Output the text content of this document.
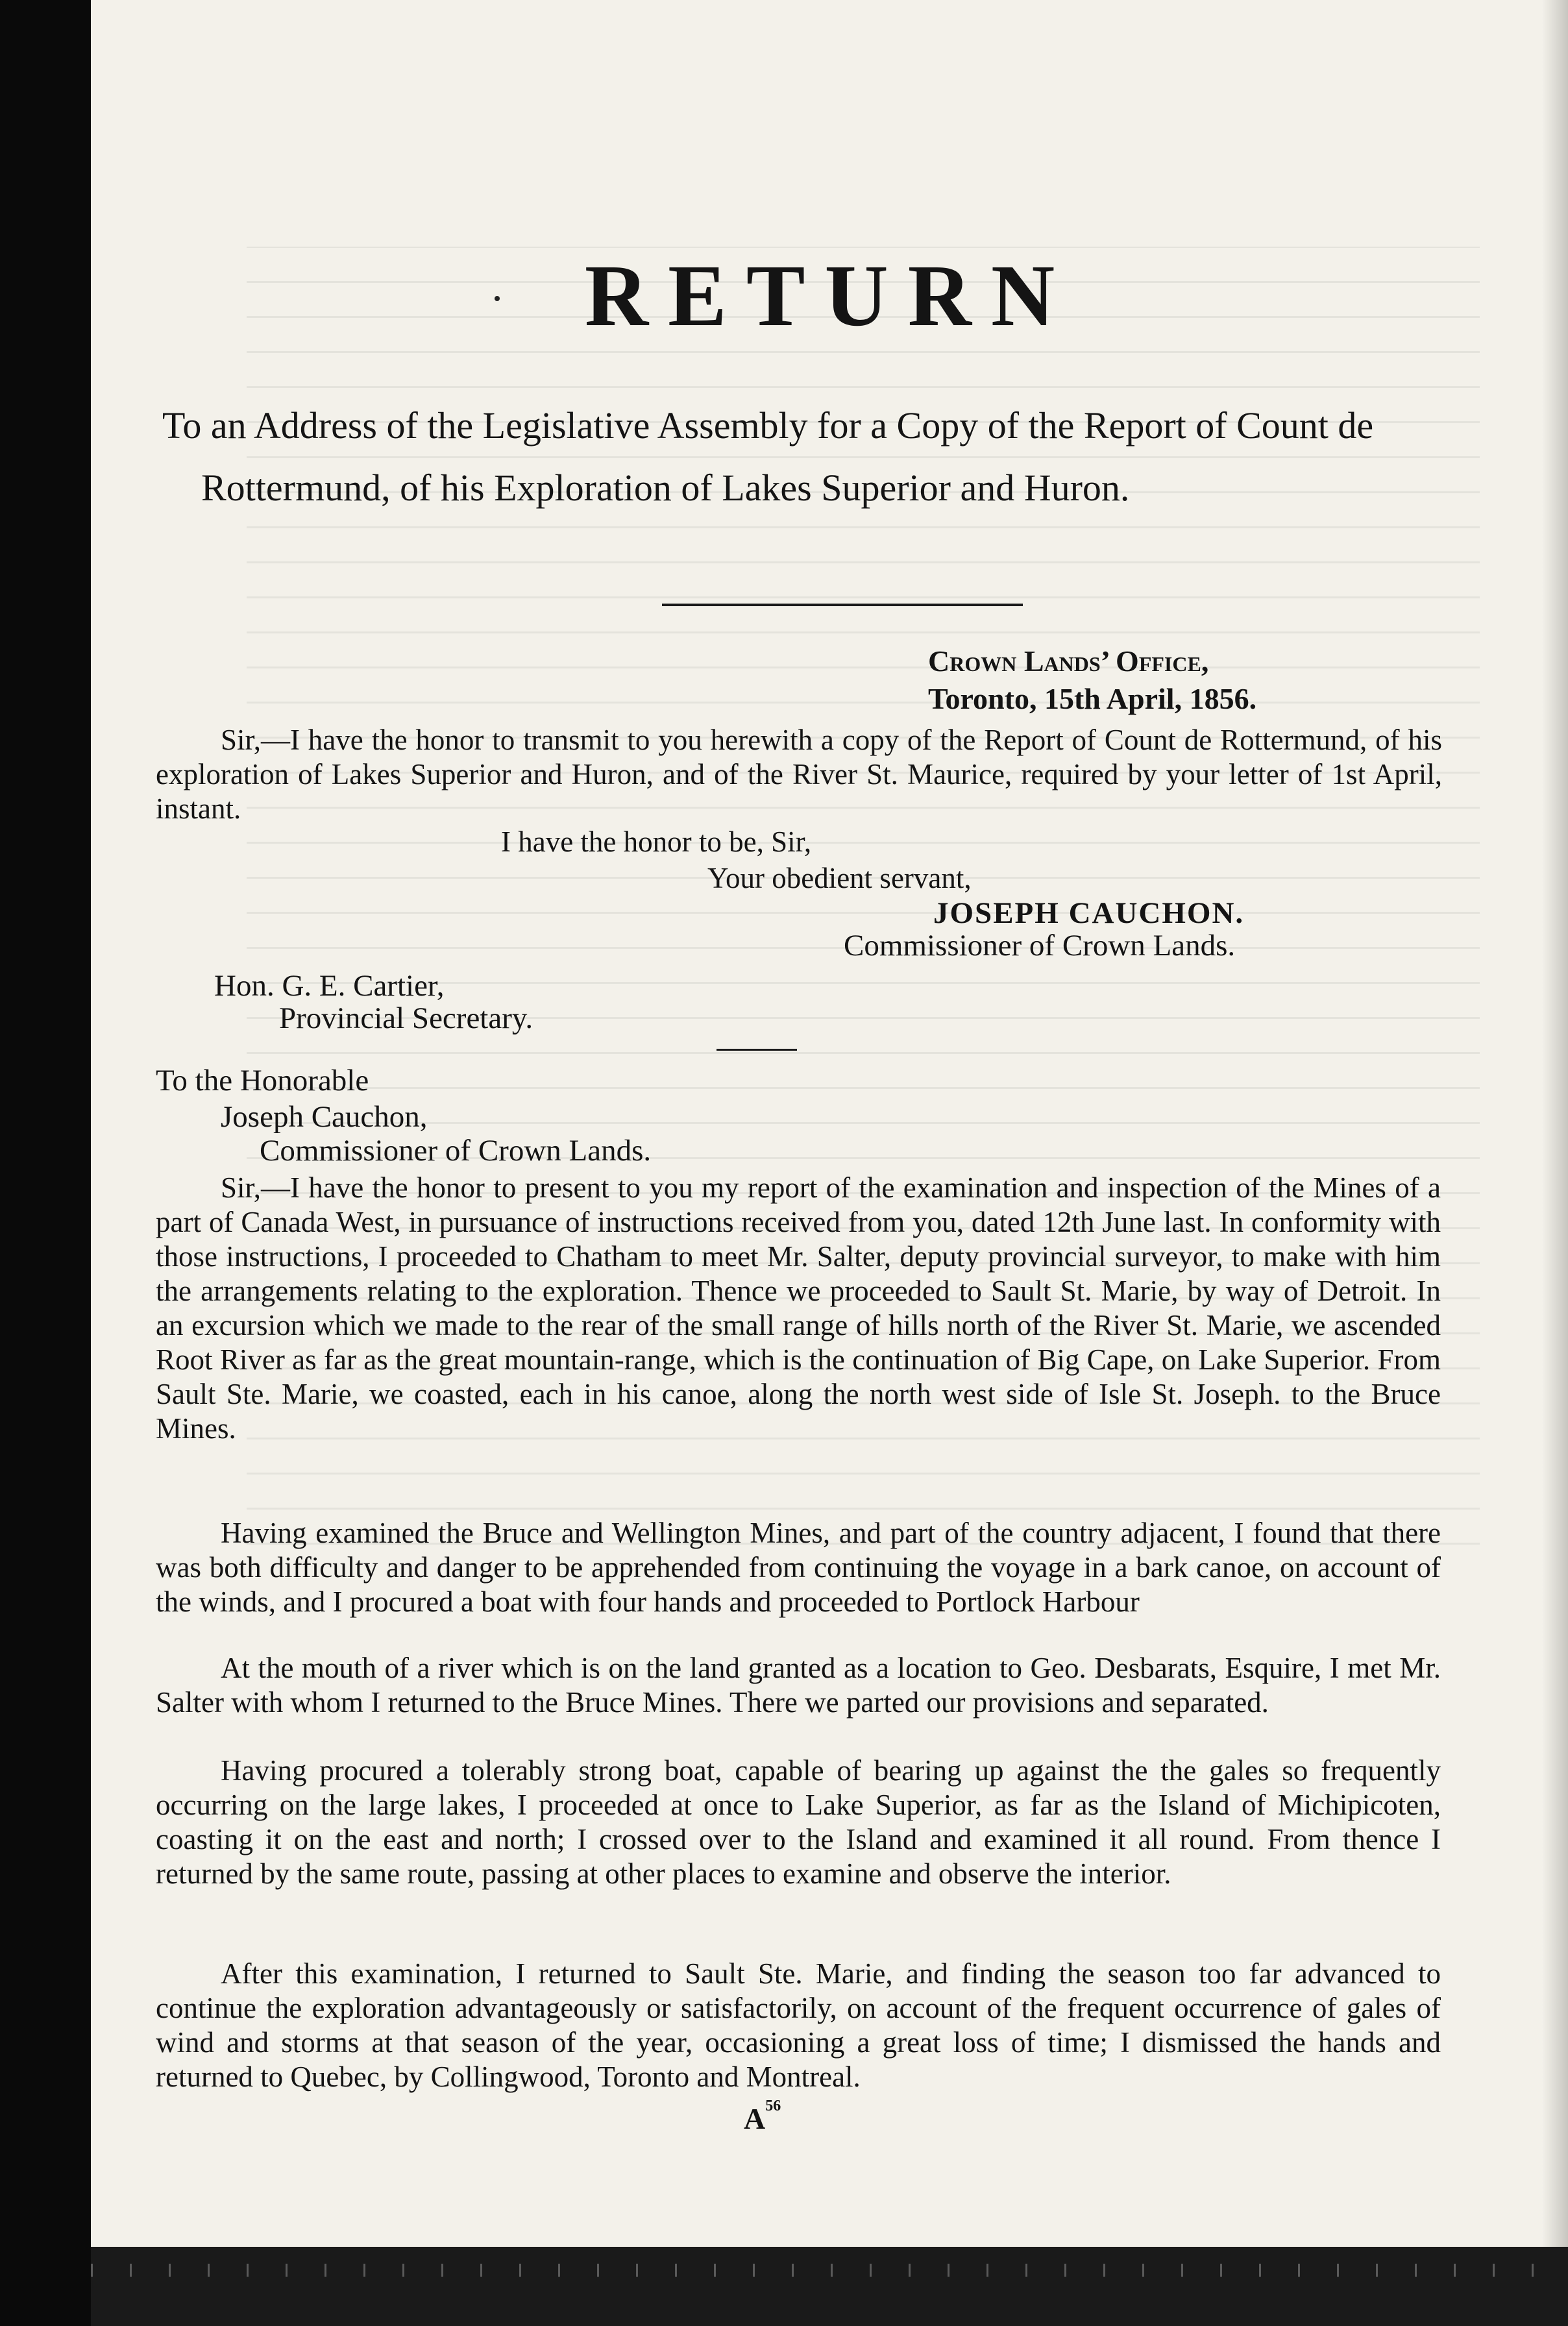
RETURN

To an Address of the Legislative Assembly for a Copy of the Report of Count de Rottermund, of his Exploration of Lakes Superior and Huron.

Crown Lands’ Office,
Toronto, 15th April, 1856.

Sir,—I have the honor to transmit to you herewith a copy of the Report of Count de Rottermund, of his exploration of Lakes Superior and Huron, and of the River St. Maurice, required by your letter of 1st April, instant.

I have the honor to be, Sir,
Your obedient servant,
JOSEPH CAUCHON.
Commissioner of Crown Lands.
Hon. G. E. Cartier,
Provincial Secretary.
To the Honorable
Joseph Cauchon,
Commissioner of Crown Lands.

Sir,—I have the honor to present to you my report of the examination and inspection of the Mines of a part of Canada West, in pursuance of instructions received from you, dated 12th June last. In conformity with those instructions, I proceeded to Chatham to meet Mr. Salter, deputy provincial surveyor, to make with him the arrangements relating to the exploration. Thence we proceeded to Sault St. Marie, by way of Detroit. In an excursion which we made to the rear of the small range of hills north of the River St. Marie, we ascended Root River as far as the great mountain-range, which is the continuation of Big Cape, on Lake Superior. From Sault Ste. Marie, we coasted, each in his canoe, along the north west side of Isle St. Joseph. to the Bruce Mines.

Having examined the Bruce and Wellington Mines, and part of the country adjacent, I found that there was both difficulty and danger to be apprehended from continuing the voyage in a bark canoe, on account of the winds, and I procured a boat with four hands and proceeded to Portlock Harbour

At the mouth of a river which is on the land granted as a location to Geo. Desbarats, Esquire, I met Mr. Salter with whom I returned to the Bruce Mines. There we parted our provisions and separated.

Having procured a tolerably strong boat, capable of bearing up against the the gales so frequently occurring on the large lakes, I proceeded at once to Lake Superior, as far as the Island of Michipicoten, coasting it on the east and north; I crossed over to the Island and examined it all round. From thence I returned by the same route, passing at other places to examine and observe the interior.

After this examination, I returned to Sault Ste. Marie, and finding the season too far advanced to continue the exploration advantageously or satisfactorily, on account of the frequent occurrence of gales of wind and storms at that season of the year, occasioning a great loss of time; I dismissed the hands and returned to Quebec, by Collingwood, Toronto and Montreal.

$A^{56}$
